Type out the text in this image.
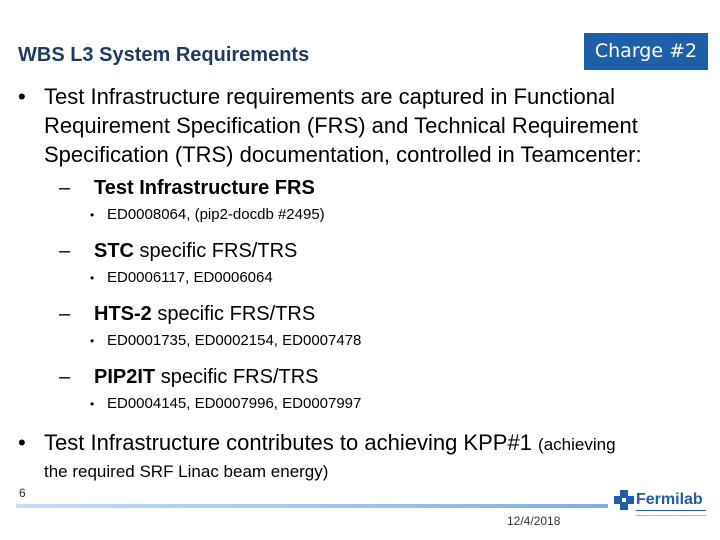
WBS L3 System Requirements	Charge #2
• Test Infrastructure requirements are captured in Functional
Requirement Specification (FRS) and Technical Requirement
Specification (TRS) documentation, controlled in Teamcenter:
– Test Infrastructure FRS
• ED0008064, (pip2-docdb #2495)
– STC specific FRS/TRS
• ED0006117, ED0006064
– HTS-2 specific FRS/TRS
• ED0001735, ED0002154, ED0007478
– PIP2IT specific FRS/TRS
• ED0004145, ED0007996, ED0007997
• Test Infrastructure contributes to achieving KPP#1 (achieving
the required SRF Linac beam energy)
6
12/4/2018
Fermilab
